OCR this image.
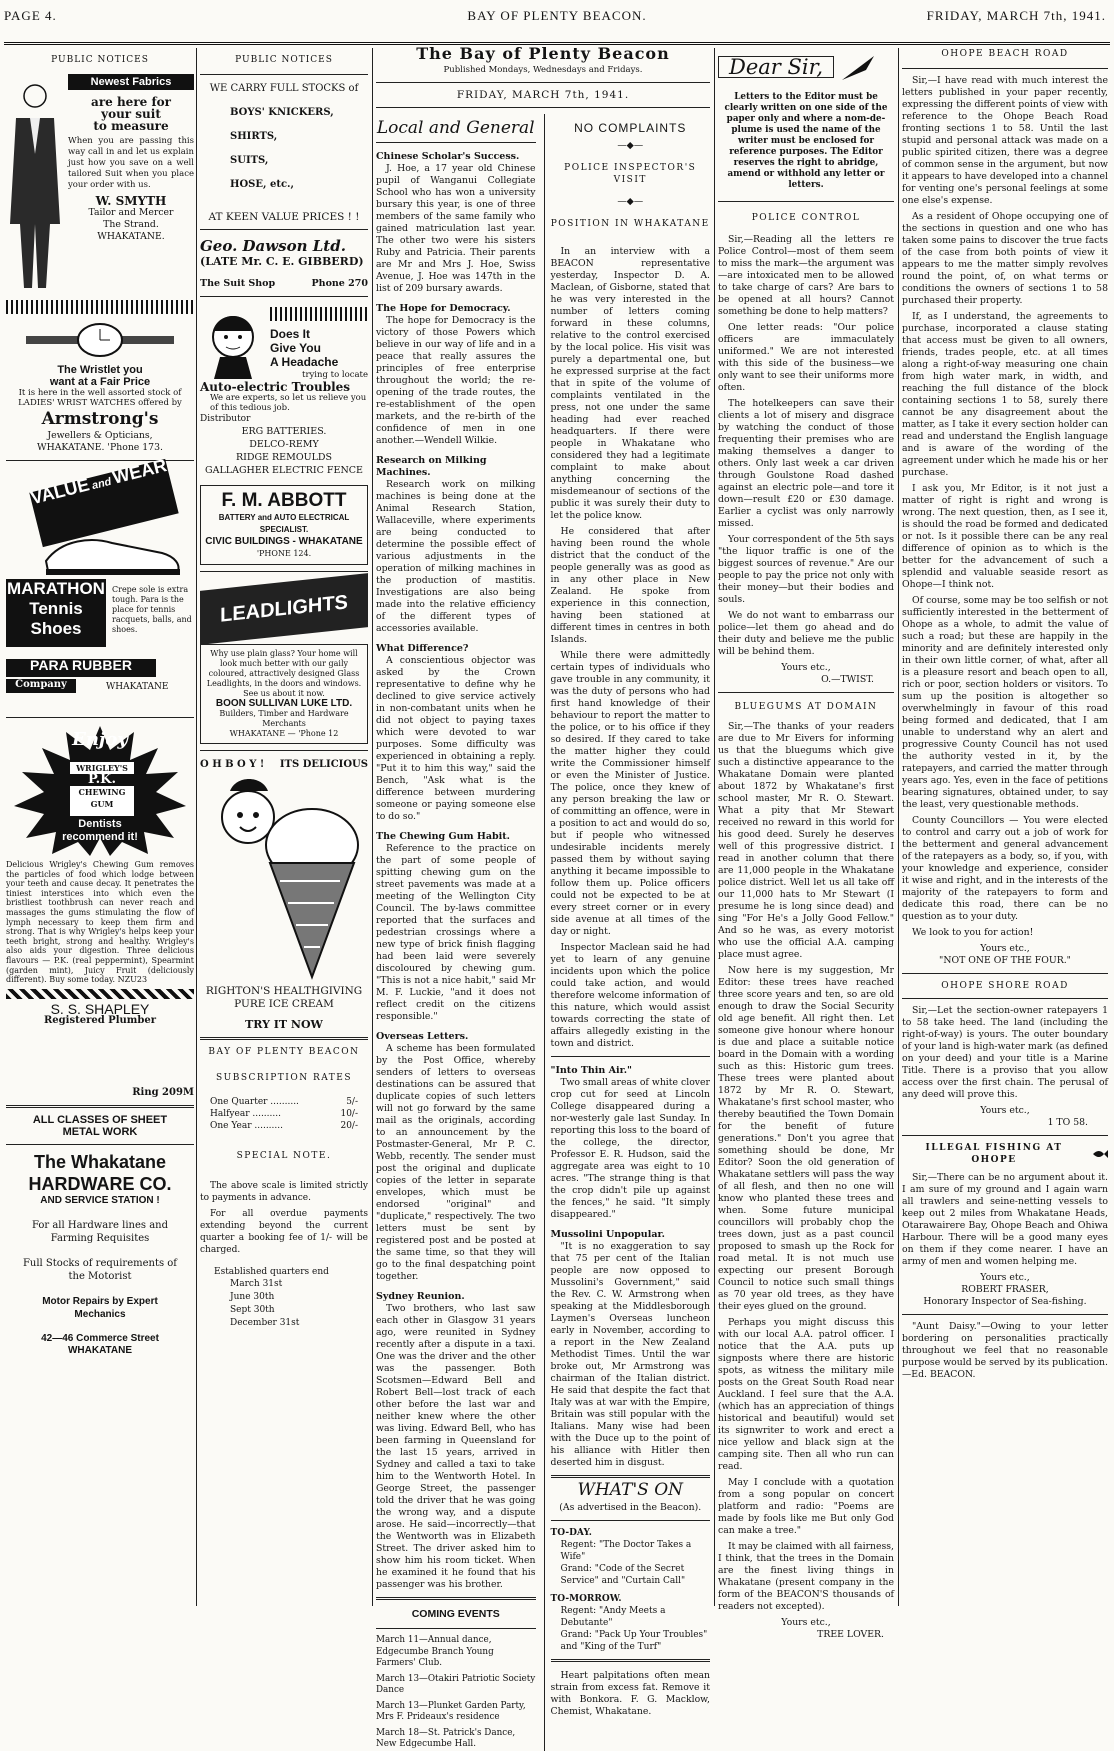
PAGE 4.	BAY OF PLENTY BEACON.	FRIDAY, MARCH 7th, 1941.
PUBLIC NOTICES
Newest Fabrics
are here for
your suit
to measure
When you are passing this way call in and let us explain just how you save on a well tailored Suit when you place your order with us.
W. SMYTH
Tailor and Mercer
The Strand.
WHAKATANE.
The Wristlet you
want at a Fair Price
It is here in the well assorted stock of LADIES' WRIST WATCHES offered by
Armstrong's
Jewellers & Opticians,
WHAKATANE. 'Phone 173.
VALUE and WEAR
MARATHON
Tennis
Shoes
Crepe sole is extra tough. Para is the place for tennis racquets, balls, and shoes.
PARA RUBBER
Company	WHAKATANE
Enjoy
WRIGLEY'S
P.K.
CHEWING GUM
Dentists
recommend it!
Delicious Wrigley's Chewing Gum removes the particles of food which lodge between your teeth and cause decay. It penetrates the tiniest interstices into which even the bristliest toothbrush can never reach and massages the gums stimulating the flow of lymph necessary to keep them firm and strong. That is why Wrigley's helps keep your teeth bright, strong and healthy. Wrigley's also aids your digestion. Three delicious flavours — P.K. (real peppermint), Spearmint (garden mint), Juicy Fruit (deliciously different). Buy some today. NZU23
S. S. SHAPLEY
Registered Plumber
Ring 209M
ALL CLASSES OF SHEET
METAL WORK
The Whakatane
HARDWARE CO.
AND SERVICE STATION !
For all Hardware lines and Farming Requisites
Full Stocks of requirements of the Motorist
Motor Repairs by Expert Mechanics
42—46 Commerce Street
WHAKATANE
PUBLIC NOTICES
WE CARRY FULL STOCKS of
BOYS' KNICKERS,
SHIRTS,
SUITS,
HOSE, etc.,
AT KEEN VALUE PRICES ! !
Geo. Dawson Ltd.
(LATE Mr. C. E. GIBBERD)
The Suit Shop	Phone 270
Does It
Give You
A Headache
trying to locate
Auto-electric Troubles
We are experts, so let us relieve you of this tedious job.
Distributor
ERG BATTERIES.
DELCO-REMY
RIDGE REMOULDS
GALLAGHER ELECTRIC FENCE
F. M. ABBOTT
BATTERY and AUTO ELECTRICAL
SPECIALIST.
CIVIC BUILDINGS - WHAKATANE
'PHONE 124.
LEADLIGHTS
Why use plain glass? Your home will look much better with our gaily coloured, attractively designed Glass Leadlights, in the doors and windows. See us about it now.
BOON SULLIVAN LUKE LTD.
Builders, Timber and Hardware Merchants
WHAKATANE — 'Phone 12
O H B O Y ! ITS DELICIOUS
RIGHTON'S HEALTHGIVING
PURE ICE CREAM
TRY IT NOW
BAY OF PLENTY BEACON
SUBSCRIPTION RATES
One Quarter ..........	5/-
Halfyear ..........	10/-
One Year ..........	20/-
SPECIAL NOTE.

The above scale is limited strictly to payments in advance.

For all overdue payments extending beyond the current quarter a booking fee of 1/- will be charged.

Established quarters end
March 31st
June 30th
Sept 30th
December 31st
The Bay of Plenty Beacon
Published Mondays, Wednesdays and Fridays.
FRIDAY, MARCH 7th, 1941.
Local and General
Chinese Scholar's Success.

J. Hoe, a 17 year old Chinese pupil of Wanganui Collegiate School who has won a university bursary this year, is one of three members of the same family who gained matriculation last year. The other two were his sisters Ruby and Patricia. Their parents are Mr and Mrs J. Hoe, Swiss Avenue, J. Hoe was 147th in the list of 209 bursary awards.

The Hope for Democracy.

The hope for Democracy is the victory of those Powers which believe in our way of life and in a peace that really assures the principles of free enterprise throughout the world; the re-opening of the trade routes, the re-establishment of the open markets, and the re-birth of the confidence of men in one another.—Wendell Wilkie.

Research on Milking Machines.

Research work on milking machines is being done at the Animal Research Station, Wallaceville, where experiments are being conducted to determine the possible effect of various adjustments in the operation of milking machines in the production of mastitis. Investigations are also being made into the relative efficiency of the different types of accessories available.

What Difference?

A conscientious objector was asked by the Crown representative to define why he declined to give service actively in non-combatant units when he did not object to paying taxes which were devoted to war purposes. Some difficulty was experienced in obtaining a reply. "Put it to him this way," said the Bench, "Ask what is the difference between murdering someone or paying someone else to do so."

The Chewing Gum Habit.

Reference to the practice on the part of some people of spitting chewing gum on the street pavements was made at a meeting of the Wellington City Council. The by-laws committee reported that the surfaces and pedestrian crossings where a new type of brick finish flagging had been laid were severely discoloured by chewing gum. "This is not a nice habit," said Mr M. F. Luckie, "and it does not reflect credit on the citizens responsible."

Overseas Letters.

A scheme has been formulated by the Post Office, whereby senders of letters to overseas destinations can be assured that duplicate copies of such letters will not go forward by the same mail as the originals, according to an announcement by the Postmaster-General, Mr P. C. Webb, recently. The sender must post the original and duplicate copies of the letter in separate envelopes, which must be endorsed "original" and "duplicate," respectively. The two letters must be sent by registered post and be posted at the same time, so that they will go to the final despatching point together.

Sydney Reunion.

Two brothers, who last saw each other in Glasgow 31 years ago, were reunited in Sydney recently after a dispute in a taxi. One was the driver and the other was the passenger. Both Scotsmen—Edward Bell and Robert Bell—lost track of each other before the last war and neither knew where the other was living. Edward Bell, who has been farming in Queensland for the last 15 years, arrived in Sydney and called a taxi to take him to the Wentworth Hotel. In George Street, the passenger told the driver that he was going the wrong way, and a dispute arose. He said—incorrectly—that the Wentworth was in Elizabeth Street. The driver asked him to show him his room ticket. When he examined it he found that his passenger was his brother.

COMING EVENTS
March 11—Annual dance, Edgecumbe Branch Young Farmers' Club.
March 13—Otakiri Patriotic Society Dance
March 13—Plunket Garden Party, Mrs F. Prideaux's residence
March 18—St. Patrick's Dance, New Edgecumbe Hall.
NO COMPLAINTS
—◆—
POLICE INSPECTOR'S VISIT
—◆—
POSITION IN WHAKATANE

In an interview with a BEACON representative yesterday, Inspector D. A. Maclean, of Gisborne, stated that he was very interested in the number of letters coming forward in these columns, relative to the control exercised by the local police. His visit was purely a departmental one, but he expressed surprise at the fact that in spite of the volume of complaints ventilated in the press, not one under the same heading had ever reached headquarters. If there were people in Whakatane who considered they had a legitimate complaint to make about anything concerning the misdemeanour of sections of the public it was surely their duty to let the police know.

He considered that after having been round the whole district that the conduct of the people generally was as good as in any other place in New Zealand. He spoke from experience in this connection, having been stationed at different times in centres in both Islands.

While there were admittedly certain types of individuals who gave trouble in any community, it was the duty of persons who had first hand knowledge of their behaviour to report the matter to the police, or to his office if they so desired. If they cared to take the matter higher they could write the Commissioner himself or even the Minister of Justice. The police, once they knew of any person breaking the law or of committing an offence, were in a position to act and would do so, but if people who witnessed undesirable incidents merely passed them by without saying anything it became impossible to follow them up. Police officers could not be expected to be at every street corner or in every side avenue at all times of the day or night.

Inspector Maclean said he had yet to learn of any genuine incidents upon which the police could take action, and would therefore welcome information of this nature, which would assist towards correcting the state of affairs allegedly existing in the town and district.

"Into Thin Air."

Two small areas of white clover crop cut for seed at Lincoln College disappeared during a nor-westerly gale last Sunday. In reporting this loss to the board of the college, the director, Professor E. R. Hudson, said the aggregate area was eight to 10 acres. "The strange thing is that the crop didn't pile up against the fences," he said. "It simply disappeared."

Mussolini Unpopular.

"It is no exaggeration to say that 75 per cent of the Italian people are now opposed to Mussolini's Government," said the Rev. C. W. Armstrong when speaking at the Middlesborough Laymen's Overseas luncheon early in November, according to a report in the New Zealand Methodist Times. Until the war broke out, Mr Armstrong was chairman of the Italian district. He said that despite the fact that Italy was at war with the Empire, Britain was still popular with the Italians. Many wise had been with the Duce up to the point of his alliance with Hitler then deserted him in disgust.

WHAT'S ON
(As advertised in the Beacon).
TO-DAY.
Regent: "The Doctor Takes a Wife"
Grand: "Code of the Secret Service" and "Curtain Call"
TO-MORROW.
Regent: "Andy Meets a Debutante"
Grand: "Pack Up Your Troubles" and "King of the Turf"

Heart palpitations often mean strain from excess fat. Remove it with Bonkora. F. G. Macklow, Chemist, Whakatane.

Dear Sir,
Letters to the Editor must be clearly written on one side of the paper only and where a nom-de-plume is used the name of the writer must be enclosed for reference purposes. The Editor reserves the right to abridge, amend or withhold any letter or letters.
POLICE CONTROL

Sir,—Reading all the letters re Police Control—most of them seem to miss the mark—the argument was—are intoxicated men to be allowed to take charge of cars? Are bars to be opened at all hours? Cannot something be done to help matters?

One letter reads: "Our police officers are immaculately uniformed." We are not interested with this side of the business—we only want to see their uniforms more often.

The hotelkeepers can save their clients a lot of misery and disgrace by watching the conduct of those frequenting their premises who are making themselves a danger to others. Only last week a car driven through Goulstone Road dashed against an electric pole—and tore it down—result £20 or £30 damage. Earlier a cyclist was only narrowly missed.

Your correspondent of the 5th says "the liquor traffic is one of the biggest sources of revenue." Are our people to pay the price not only with their money—but their bodies and souls.

We do not want to embarrass our police—let them go ahead and do their duty and believe me the public will be behind them.

Yours etc.,
O.—TWIST.
BLUEGUMS AT DOMAIN

Sir,—The thanks of your readers are due to Mr Eivers for informing us that the bluegums which give such a distinctive appearance to the Whakatane Domain were planted about 1872 by Whakatane's first school master, Mr R. O. Stewart. What a pity that Mr Stewart received no reward in this world for his good deed. Surely he deserves well of this progressive district. I read in another column that there are 11,000 people in the Whakatane police district. Well let us all take off our 11,000 hats to Mr Stewart (I presume he is long since dead) and sing "For He's a Jolly Good Fellow." And so he was, as every motorist who use the official A.A. camping place must agree.

Now here is my suggestion, Mr Editor: these trees have reached three score years and ten, so are old enough to draw the Social Security old age benefit. All right then. Let someone give honour where honour is due and place a suitable notice board in the Domain with a wording such as this: Historic gum trees. These trees were planted about 1872 by Mr R. O. Stewart, Whakatane's first school master, who thereby beautified the Town Domain for the benefit of future generations." Don't you agree that something should be done, Mr Editor? Soon the old generation of Whakatane settlers will pass the way of all flesh, and then no one will know who planted these trees and when. Some future municipal councillors will probably chop the trees down, just as a past council proposed to smash up the Rock for road metal. It is not much use expecting our present Borough Council to notice such small things as 70 year old trees, as they have their eyes glued on the ground.

Perhaps you might discuss this with our local A.A. patrol officer. I notice that the A.A. puts up signposts where there are historic spots, as witness the military mile posts on the Great South Road near Auckland. I feel sure that the A.A. (which has an appreciation of things historical and beautiful) would set its signwriter to work and erect a nice yellow and black sign at the camping site. Then all who run can read.

May I conclude with a quotation from a song popular on concert platform and radio: "Poems are made by fools like me But only God can make a tree."

It may be claimed with all fairness, I think, that the trees in the Domain are the finest living things in Whakatane (present company in the form of the BEACON'S thousands of readers not excepted).

Yours etc.,
TREE LOVER.
OHOPE BEACH ROAD

Sir,—I have read with much interest the letters published in your paper recently, expressing the different points of view with reference to the Ohope Beach Road fronting sections 1 to 58. Until the last stupid and personal attack was made on a public spirited citizen, there was a degree of common sense in the argument, but now it appears to have developed into a channel for venting one's personal feelings at some one else's expense.

As a resident of Ohope occupying one of the sections in question and one who has taken some pains to discover the true facts of the case from both points of view it appears to me the matter simply revolves round the point, of, on what terms or conditions the owners of sections 1 to 58 purchased their property.

If, as I understand, the agreements to purchase, incorporated a clause stating that access must be given to all owners, friends, trades people, etc. at all times along a right-of-way measuring one chain from high water mark, in width, and reaching the full distance of the block containing sections 1 to 58, surely there cannot be any disagreement about the matter, as I take it every section holder can read and understand the English language and is aware of the wording of the agreement under which he made his or her purchase.

I ask you, Mr Editor, is it not just a matter of right is right and wrong is wrong. The next question, then, as I see it, is should the road be formed and dedicated or not. Is it possible there can be any real difference of opinion as to which is the better for the advancement of such a splendid and valuable seaside resort as Ohope—I think not.

Of course, some may be too selfish or not sufficiently interested in the betterment of Ohope as a whole, to admit the value of such a road; but these are happily in the minority and are definitely interested only in their own little corner, of what, after all is a pleasure resort and beach open to all, rich or poor, section holders or visitors. To sum up the position is altogether so overwhelmingly in favour of this road being formed and dedicated, that I am unable to understand why an alert and progressive County Council has not used the authority vested in it, by the ratepayers, and carried the matter through years ago. Yes, even in the face of petitions bearing signatures, obtained under, to say the least, very questionable methods.

County Councillors — You were elected to control and carry out a job of work for the betterment and general advancement of the ratepayers as a body, so, if you, with your knowledge and experience, consider it wise and right, and in the interests of the majority of the ratepayers to form and dedicate this road, there can be no question as to your duty.

We look to you for action!

Yours etc.,
"NOT ONE OF THE FOUR."
OHOPE SHORE ROAD

Sir,—Let the section-owner ratepayers 1 to 58 take heed. The land (including the right-of-way) is yours. The outer boundary of your land is high-water mark (as defined on your deed) and your title is a Marine Title. There is a proviso that you allow access over the first chain. The perusal of any deed will prove this.

Yours etc.,
1 TO 58.
ILLEGAL FISHING AT OHOPE

Sir,—There can be no argument about it. I am sure of my ground and I again warn all trawlers and seine-netting vessels to keep out 2 miles from Whakatane Heads, Otarawairere Bay, Ohope Beach and Ohiwa Harbour. There will be a good many eyes on them if they come nearer. I have an army of men and women helping me.

Yours etc.,
ROBERT FRASER,
Honorary Inspector of Sea-fishing.

"Aunt Daisy."—Owing to your letter bordering on personalities practically throughout we feel that no reasonable purpose would be served by its publication.—Ed. BEACON.
